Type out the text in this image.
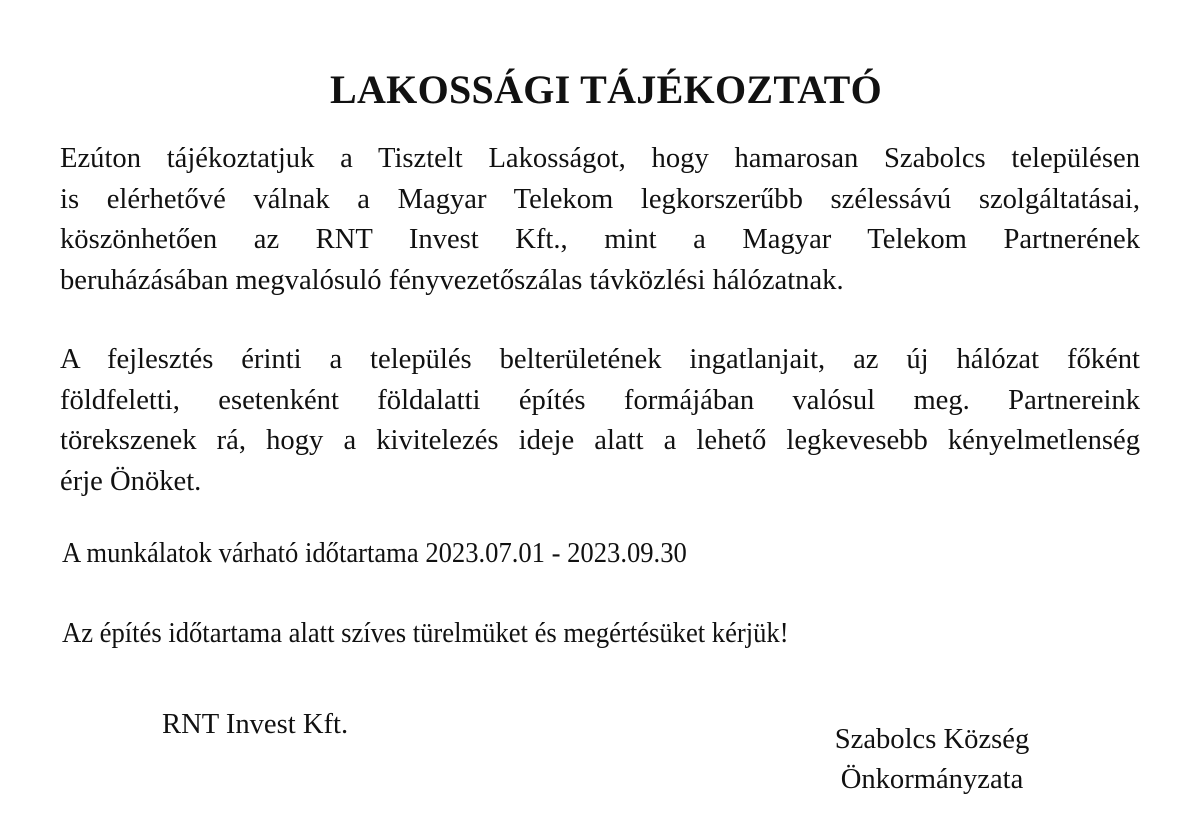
LAKOSSÁGI TÁJÉKOZTATÓ
Ezúton tájékoztatjuk a Tisztelt Lakosságot, hogy hamarosan Szabolcs településen
is elérhetővé válnak a Magyar Telekom legkorszerűbb szélessávú szolgáltatásai,
köszönhetően az RNT Invest Kft., mint a Magyar Telekom Partnerének
beruházásában megvalósuló fényvezetőszálas távközlési hálózatnak.
A fejlesztés érinti a település belterületének ingatlanjait, az új hálózat főként
földfeletti, esetenként földalatti építés formájában valósul meg. Partnereink
törekszenek rá, hogy a kivitelezés ideje alatt a lehető legkevesebb kényelmetlenség
érje Önöket.

A munkálatok várható időtartama 2023.07.01 - 2023.09.30

Az építés időtartama alatt szíves türelmüket és megértésüket kérjük!

RNT Invest Kft.	Szabolcs Község
Önkormányzata
